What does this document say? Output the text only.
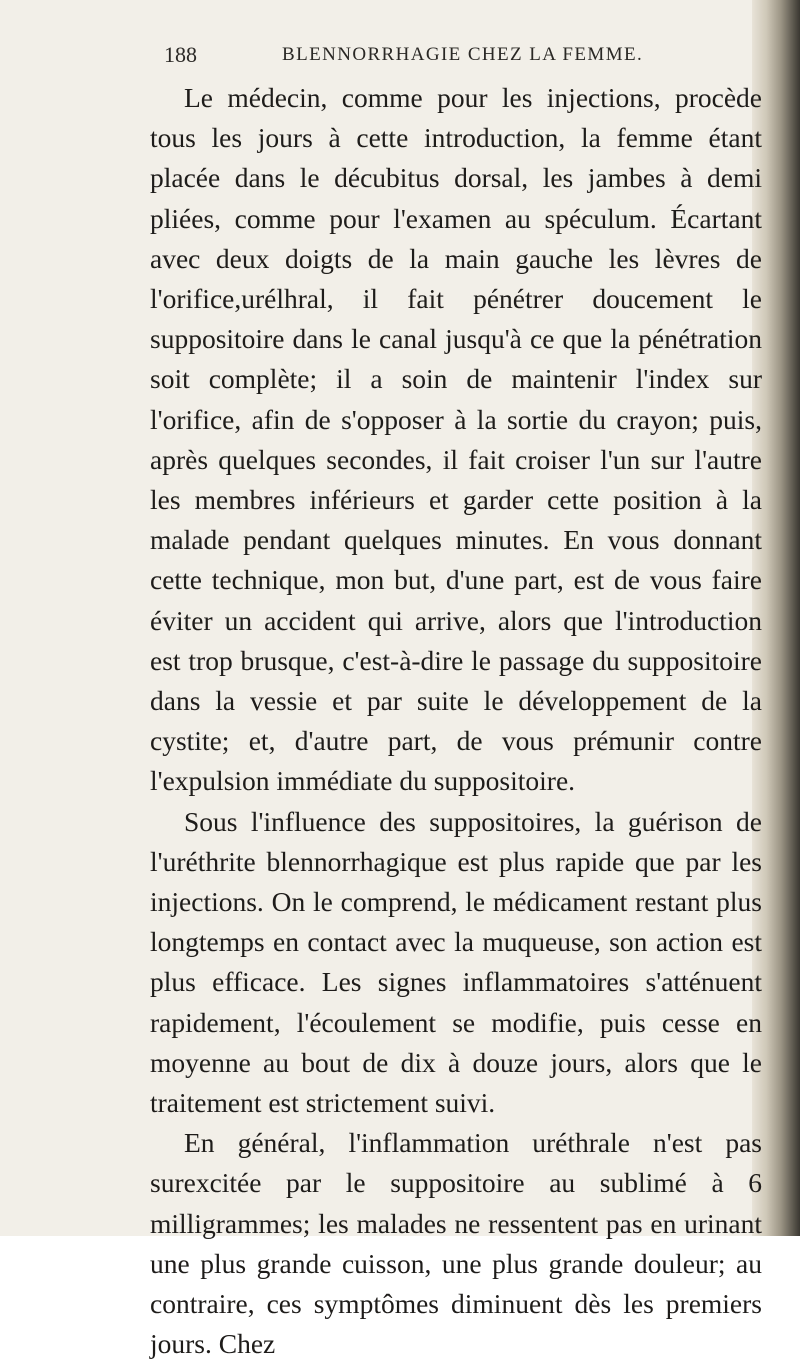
188	BLENNORRHAGIE CHEZ LA FEMME.

Le médecin, comme pour les injections, procède tous les jours à cette introduction, la femme étant placée dans le décubitus dorsal, les jambes à demi pliées, comme pour l'examen au spéculum. Écartant avec deux doigts de la main gauche les lèvres de l'orifice,urélhral, il fait pénétrer doucement le suppositoire dans le canal jusqu'à ce que la pénétration soit complète; il a soin de maintenir l'index sur l'orifice, afin de s'opposer à la sortie du crayon; puis, après quelques secondes, il fait croiser l'un sur l'autre les membres inférieurs et garder cette position à la malade pendant quelques minutes. En vous donnant cette technique, mon but, d'une part, est de vous faire éviter un accident qui arrive, alors que l'introduction est trop brusque, c'est-à-dire le passage du suppositoire dans la vessie et par suite le développement de la cystite; et, d'autre part, de vous prémunir contre l'expulsion immédiate du suppositoire.

Sous l'influence des suppositoires, la guérison de l'uréthrite blennorrhagique est plus rapide que par les injections. On le comprend, le médicament restant plus longtemps en contact avec la muqueuse, son action est plus efficace. Les signes inflammatoires s'atténuent rapidement, l'écoulement se modifie, puis cesse en moyenne au bout de dix à douze jours, alors que le traitement est strictement suivi.

En général, l'inflammation uréthrale n'est pas surexcitée par le suppositoire au sublimé à 6 milligrammes; les malades ne ressentent pas en urinant une plus grande cuisson, une plus grande douleur; au contraire, ces symptômes diminuent dès les premiers jours. Chez
